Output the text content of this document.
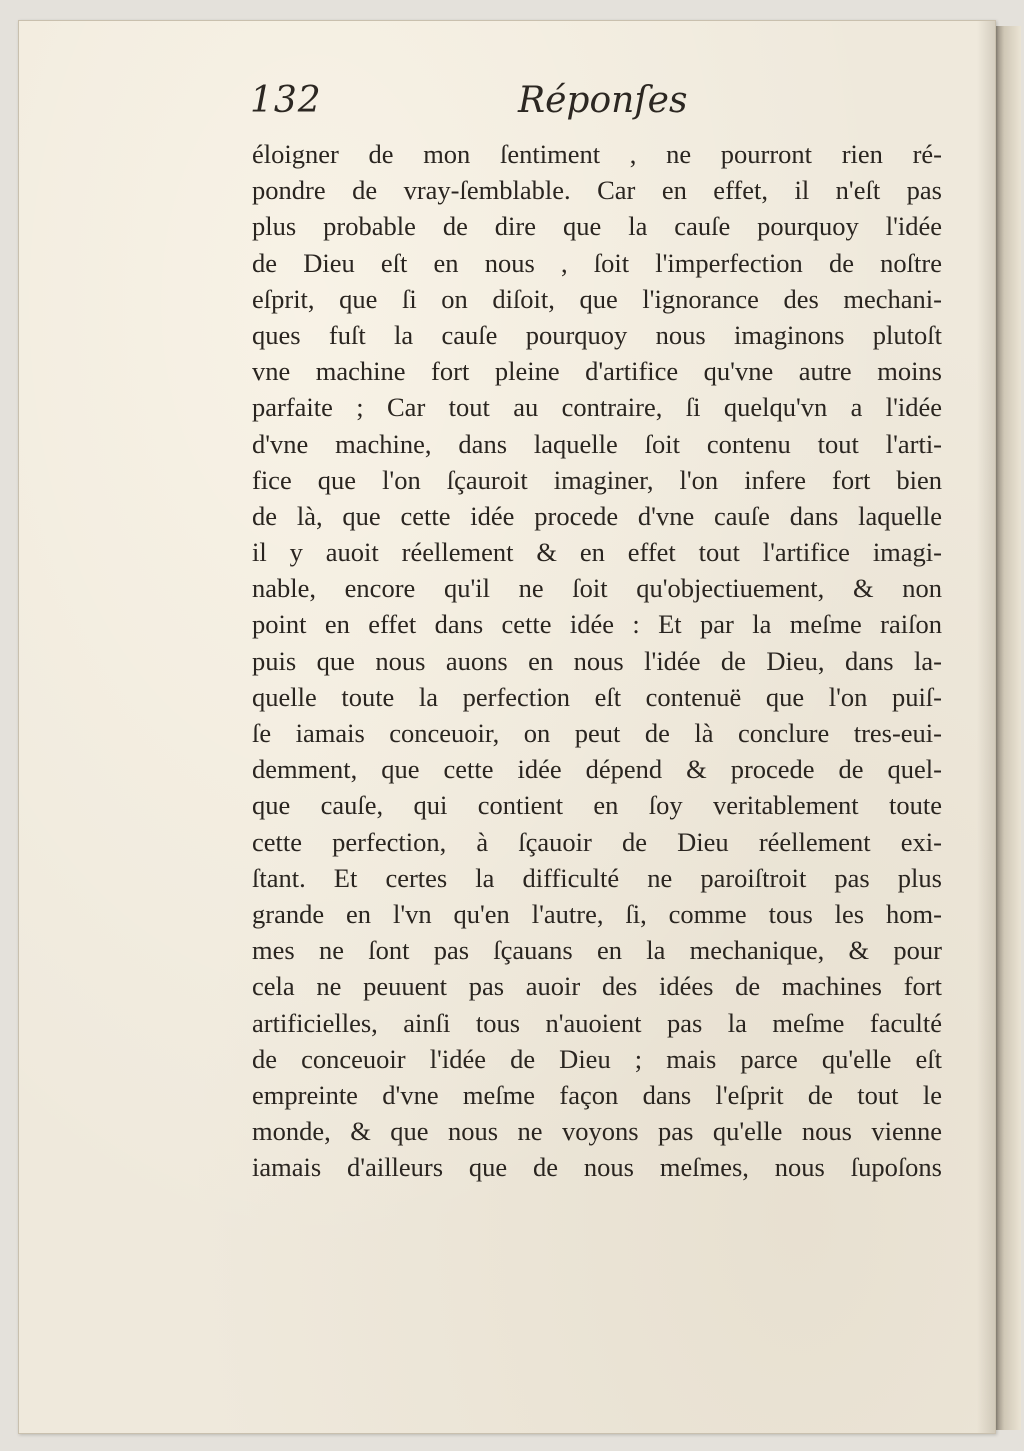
132	Réponſes
éloigner de mon ſentiment , ne pourront rien ré-
pondre de vray-ſemblable. Car en effet, il n'eſt pas
plus probable de dire que la cauſe pourquoy l'idée
de Dieu eſt en nous , ſoit l'imperfection de noſtre
eſprit, que ſi on diſoit, que l'ignorance des mechani-
ques fuſt la cauſe pourquoy nous imaginons plutoſt
vne machine fort pleine d'artifice qu'vne autre moins
parfaite ; Car tout au contraire, ſi quelqu'vn a l'idée
d'vne machine, dans laquelle ſoit contenu tout l'arti-
fice que l'on ſçauroit imaginer, l'on infere fort bien
de là, que cette idée procede d'vne cauſe dans laquelle
il y auoit réellement & en effet tout l'artifice imagi-
nable, encore qu'il ne ſoit qu'objectiuement, & non
point en effet dans cette idée : Et par la meſme raiſon
puis que nous auons en nous l'idée de Dieu, dans la-
quelle toute la perfection eſt contenuë que l'on puiſ-
ſe iamais conceuoir, on peut de là conclure tres-eui-
demment, que cette idée dépend & procede de quel-
que cauſe, qui contient en ſoy veritablement toute
cette perfection, à ſçauoir de Dieu réellement exi-
ſtant. Et certes la difficulté ne paroiſtroit pas plus
grande en l'vn qu'en l'autre, ſi, comme tous les hom-
mes ne ſont pas ſçauans en la mechanique, & pour
cela ne peuuent pas auoir des idées de machines fort
artificielles, ainſi tous n'auoient pas la meſme faculté
de conceuoir l'idée de Dieu ; mais parce qu'elle eſt
empreinte d'vne meſme façon dans l'eſprit de tout le
monde, & que nous ne voyons pas qu'elle nous vienne
iamais d'ailleurs que de nous meſmes, nous ſupoſons
